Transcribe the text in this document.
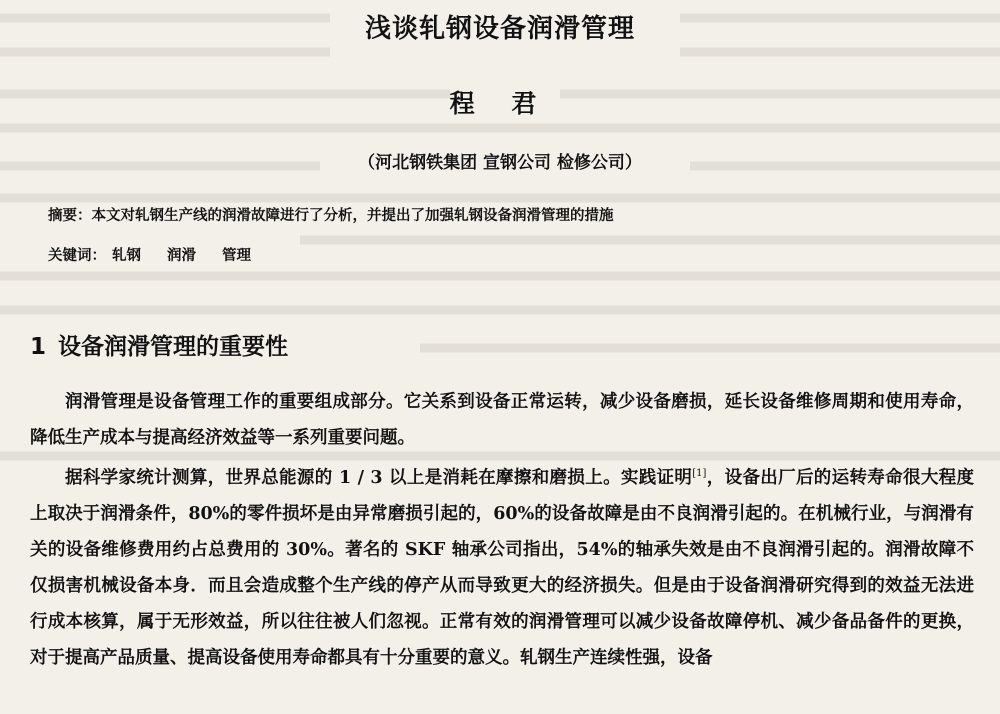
浅谈轧钢设备润滑管理
程 君
（河北钢铁集团 宣钢公司 检修公司）
摘要：本文对轧钢生产线的润滑故障进行了分析，并提出了加强轧钢设备润滑管理的措施
关键词： 轧钢 润滑 管理
1 设备润滑管理的重要性

润滑管理是设备管理工作的重要组成部分。它关系到设备正常运转，减少设备磨损，延长设备维修周期和使用寿命，降低生产成本与提高经济效益等一系列重要问题。

据科学家统计测算，世界总能源的 1 / 3 以上是消耗在摩擦和磨损上。实践证明[1]，设备出厂后的运转寿命很大程度上取决于润滑条件，80%的零件损坏是由异常磨损引起的，60%的设备故障是由不良润滑引起的。在机械行业，与润滑有关的设备维修费用约占总费用的 30%。著名的 SKF 轴承公司指出，54%的轴承失效是由不良润滑引起的。润滑故障不仅损害机械设备本身．而且会造成整个生产线的停产从而导致更大的经济损失。但是由于设备润滑研究得到的效益无法进行成本核算，属于无形效益，所以往往被人们忽视。正常有效的润滑管理可以减少设备故障停机、减少备品备件的更换，对于提高产品质量、提高设备使用寿命都具有十分重要的意义。轧钢生产连续性强，设备
